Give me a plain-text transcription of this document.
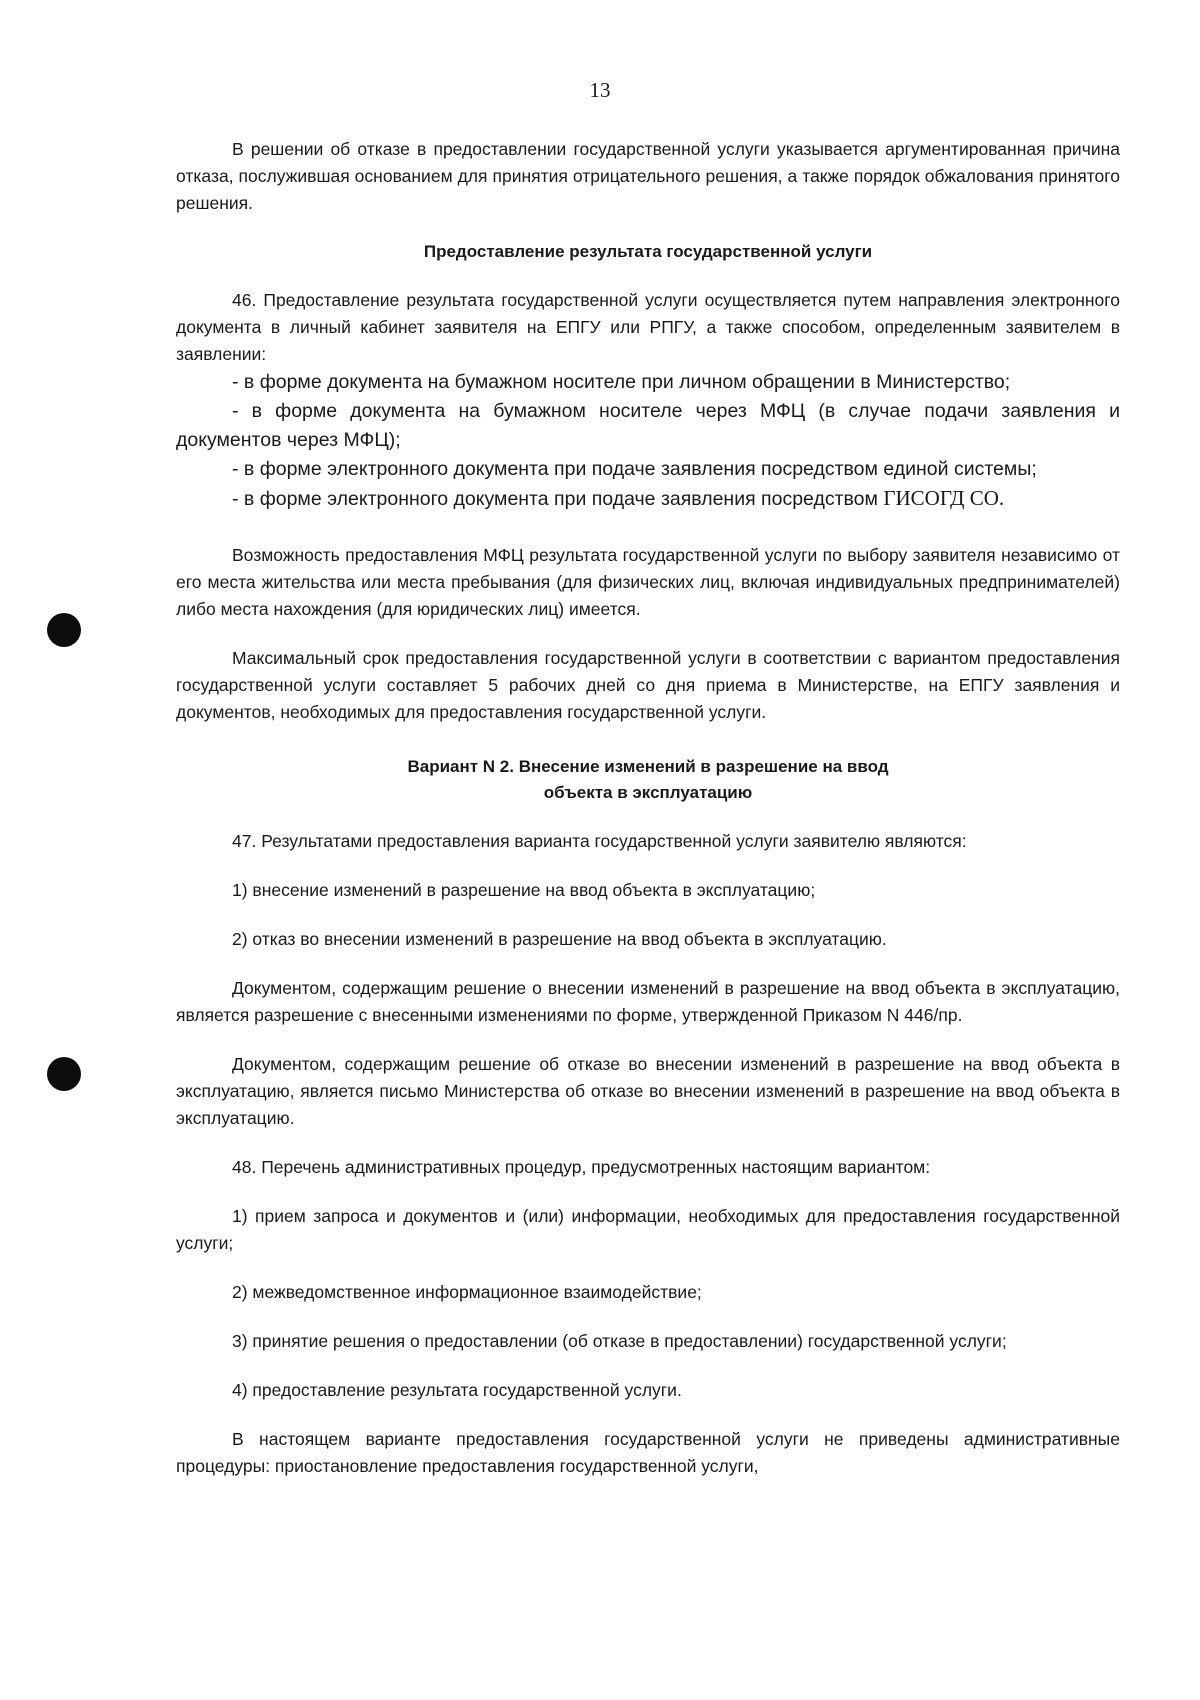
13

В решении об отказе в предоставлении государственной услуги указывается аргументированная причина отказа, послужившая основанием для принятия отрицательного решения, а также порядок обжалования принятого решения.

Предоставление результата государственной услуги

46. Предоставление результата государственной услуги осуществляется путем направления электронного документа в личный кабинет заявителя на ЕПГУ или РПГУ, а также способом, определенным заявителем в заявлении:

- в форме документа на бумажном носителе при личном обращении в Министерство;

- в форме документа на бумажном носителе через МФЦ (в случае подачи заявления и документов через МФЦ);

- в форме электронного документа при подаче заявления посредством единой системы;

- в форме электронного документа при подаче заявления посредством ГИСОГД СО.

Возможность предоставления МФЦ результата государственной услуги по выбору заявителя независимо от его места жительства или места пребывания (для физических лиц, включая индивидуальных предпринимателей) либо места нахождения (для юридических лиц) имеется.

Максимальный срок предоставления государственной услуги в соответствии с вариантом предоставления государственной услуги составляет 5 рабочих дней со дня приема в Министерстве, на ЕПГУ заявления и документов, необходимых для предоставления государственной услуги.

Вариант N 2. Внесение изменений в разрешение на ввод

объекта в эксплуатацию

47. Результатами предоставления варианта государственной услуги заявителю являются:

1) внесение изменений в разрешение на ввод объекта в эксплуатацию;

2) отказ во внесении изменений в разрешение на ввод объекта в эксплуатацию.

Документом, содержащим решение о внесении изменений в разрешение на ввод объекта в эксплуатацию, является разрешение с внесенными изменениями по форме, утвержденной Приказом N 446/пр.

Документом, содержащим решение об отказе во внесении изменений в разрешение на ввод объекта в эксплуатацию, является письмо Министерства об отказе во внесении изменений в разрешение на ввод объекта в эксплуатацию.

48. Перечень административных процедур, предусмотренных настоящим вариантом:

1) прием запроса и документов и (или) информации, необходимых для предоставления государственной услуги;

2) межведомственное информационное взаимодействие;

3) принятие решения о предоставлении (об отказе в предоставлении) государственной услуги;

4) предоставление результата государственной услуги.

В настоящем варианте предоставления государственной услуги не приведены административные процедуры: приостановление предоставления государственной услуги,
